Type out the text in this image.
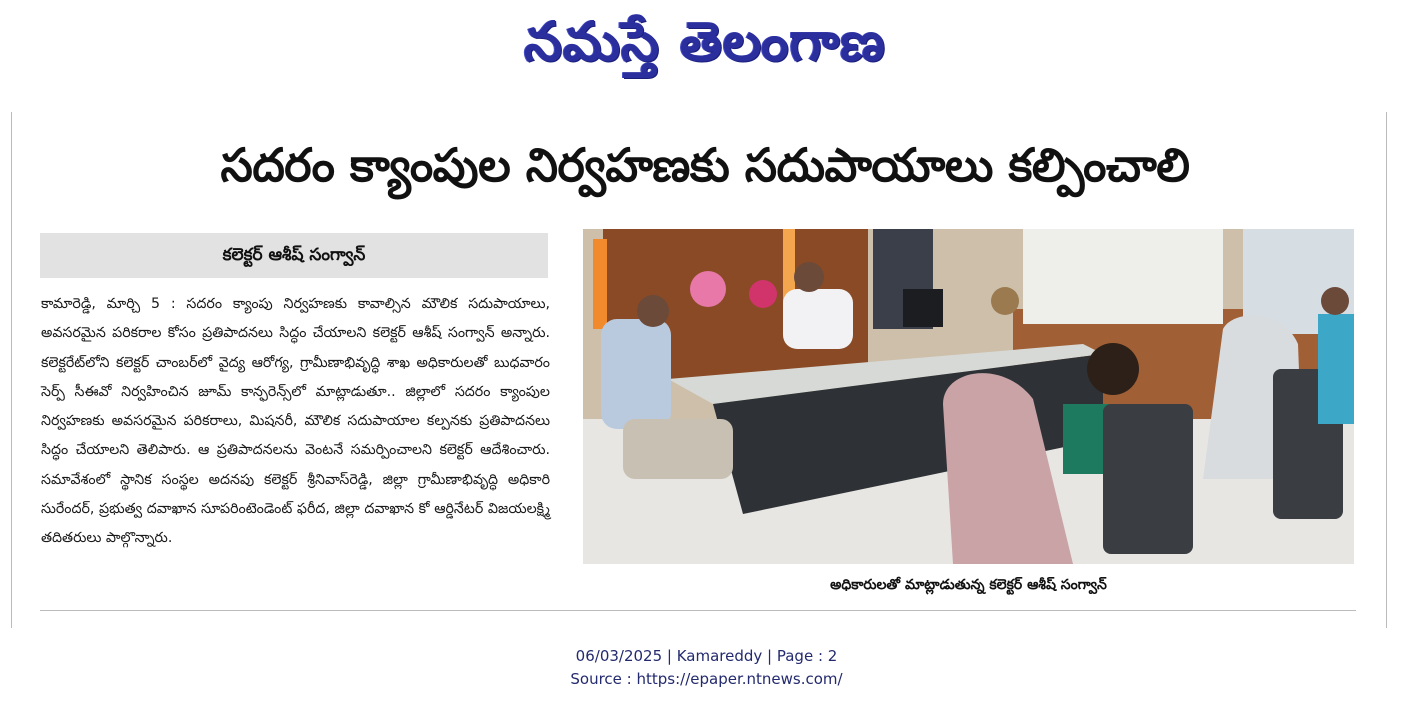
నమస్తే తెలంగాణ
సదరం క్యాంపుల నిర్వహణకు సదుపాయాలు కల్పించాలి
కలెక్టర్ ఆశీష్ సంగ్వాన్

కామారెడ్డి, మార్చి 5 : సదరం క్యాంపు నిర్వహణకు కావాల్సిన మౌలిక సదుపాయాలు, అవసరమైన పరికరాల కోసం ప్రతిపాదనలు సిద్ధం చేయాలని కలెక్టర్ ఆశీష్ సంగ్వాన్ అన్నారు. కలెక్టరేట్‌లోని కలెక్టర్ చాంబర్‌లో వైద్య ఆరోగ్య, గ్రామీణాభివృద్ధి శాఖ అధికారులతో బుధవారం సెర్ప్ సీఈవో నిర్వహించిన జూమ్ కాన్ఫరెన్స్‌లో మాట్లాడుతూ.. జిల్లాలో సదరం క్యాంపుల నిర్వహణకు అవసరమైన పరికరాలు, మిషనరీ, మౌలిక సదుపాయాల కల్పనకు ప్రతిపాదనలు సిద్ధం చేయాలని తెలిపారు. ఆ ప్రతిపాదనలను వెంటనే సమర్పించాలని కలెక్టర్ ఆదేశించారు. సమావేశంలో స్థానిక సంస్థల అదనపు కలెక్టర్ శ్రీనివాస్‌రెడ్డి, జిల్లా గ్రామీణాభివృద్ధి అధికారి సురేందర్, ప్రభుత్వ దవాఖాన సూపరింటెండెంట్ ఫరీద, జిల్లా దవాఖాన కో ఆర్డినేటర్ విజయలక్ష్మి తదితరులు పాల్గొన్నారు.

అధికారులతో మాట్లాడుతున్న కలెక్టర్ ఆశీష్ సంగ్వాన్
06/03/2025 | Kamareddy | Page : 2
Source : https://epaper.ntnews.com/
